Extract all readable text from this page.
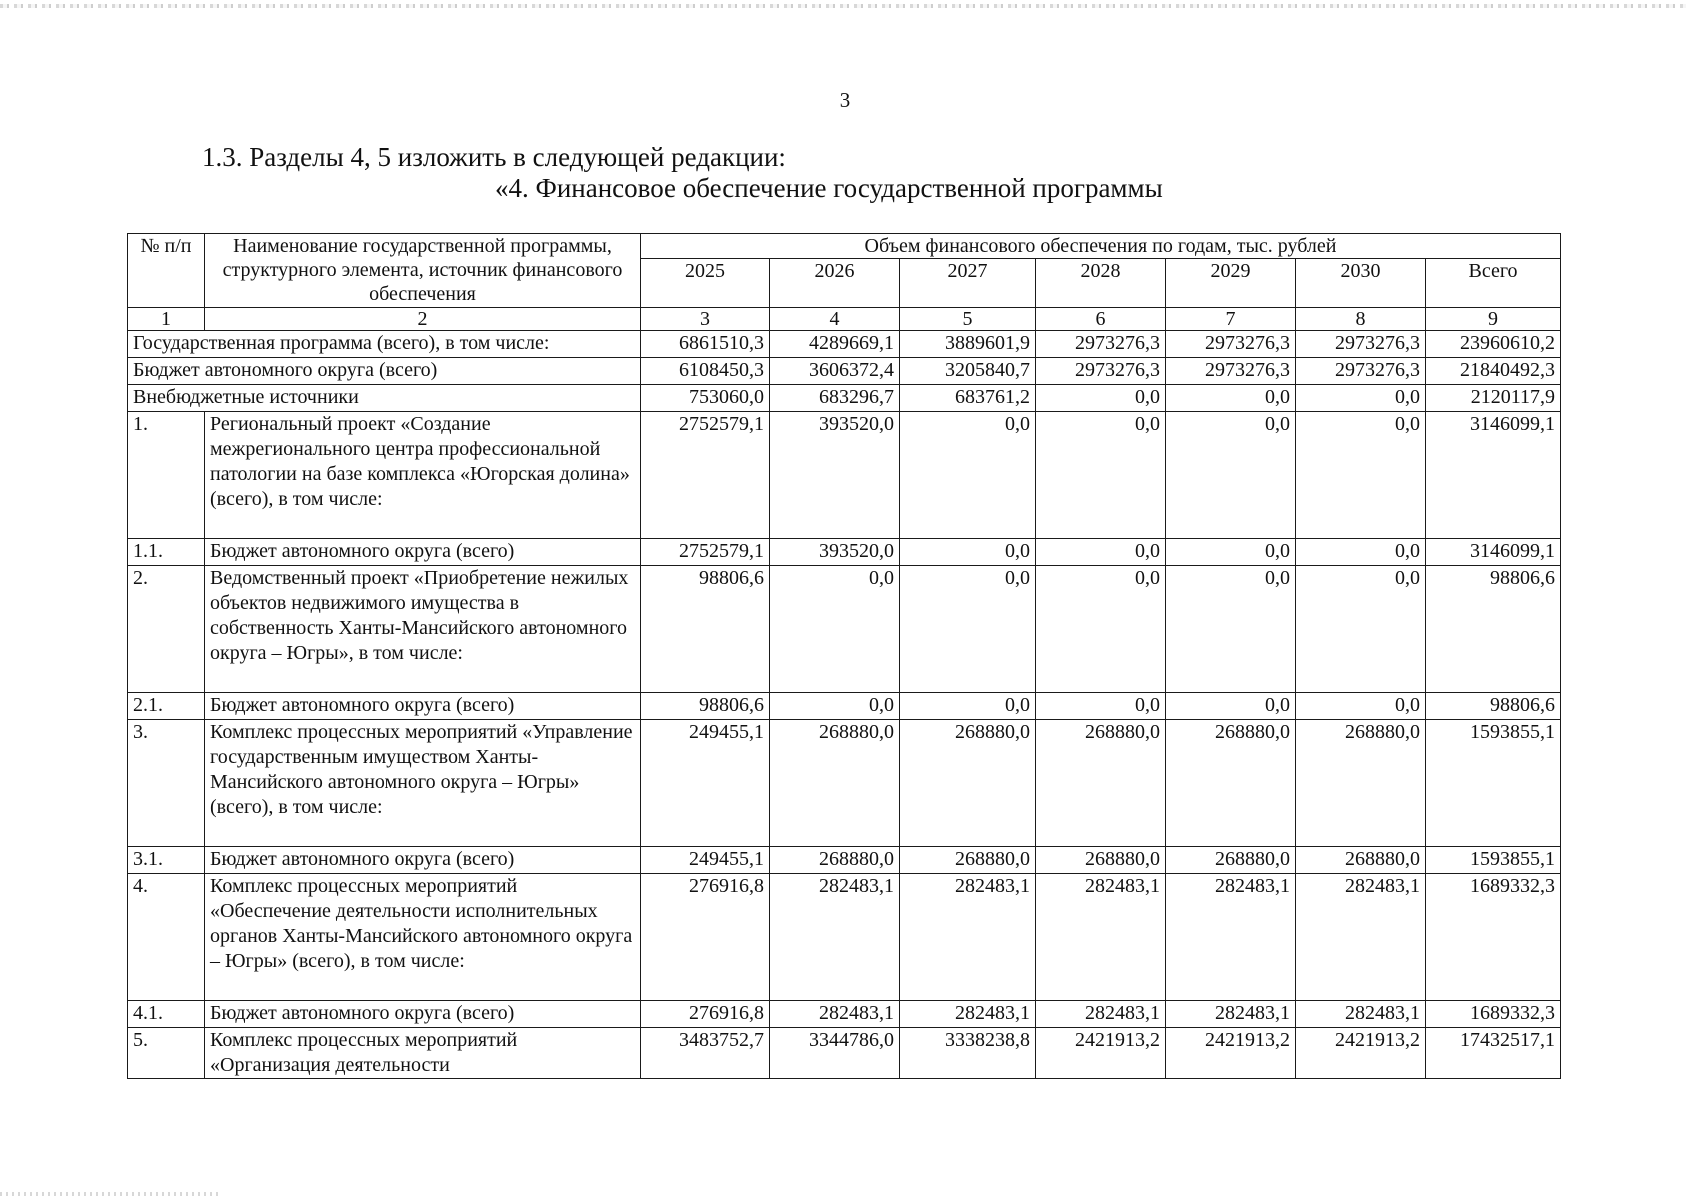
3
1.3. Разделы 4, 5 изложить в следующей редакции:
«4. Финансовое обеспечение государственной программы
№ п/п	Наименование государственной программы, структурного элемента, источник финансового обеспечения	Объем финансового обеспечения по годам, тыс. рублей						
		2025	2026	2027	2028	2029	2030	Всего
1	2	3	4	5	6	7	8	9
Государственная программа (всего), в том числе:		6861510,3	4289669,1	3889601,9	2973276,3	2973276,3	2973276,3	23960610,2
Бюджет автономного округа (всего)		6108450,3	3606372,4	3205840,7	2973276,3	2973276,3	2973276,3	21840492,3
Внебюджетные источники		753060,0	683296,7	683761,2	0,0	0,0	0,0	2120117,9
1.	Региональный проект «Создание межрегионального центра профессиональной патологии на базе комплекса «Югорская долина» (всего), в том числе:	2752579,1	393520,0	0,0	0,0	0,0	0,0	3146099,1
1.1.	Бюджет автономного округа (всего)	2752579,1	393520,0	0,0	0,0	0,0	0,0	3146099,1
2.	Ведомственный проект «Приобретение нежилых объектов недвижимого имущества в собственность Ханты-Мансийского автономного округа – Югры», в том числе:	98806,6	0,0	0,0	0,0	0,0	0,0	98806,6
2.1.	Бюджет автономного округа (всего)	98806,6	0,0	0,0	0,0	0,0	0,0	98806,6
3.	Комплекс процессных мероприятий «Управление государственным имуществом Ханты-Мансийского автономного округа – Югры» (всего), в том числе:	249455,1	268880,0	268880,0	268880,0	268880,0	268880,0	1593855,1
3.1.	Бюджет автономного округа (всего)	249455,1	268880,0	268880,0	268880,0	268880,0	268880,0	1593855,1
4.	Комплекс процессных мероприятий «Обеспечение деятельности исполнительных органов Ханты-Мансийского автономного округа – Югры» (всего), в том числе:	276916,8	282483,1	282483,1	282483,1	282483,1	282483,1	1689332,3
4.1.	Бюджет автономного округа (всего)	276916,8	282483,1	282483,1	282483,1	282483,1	282483,1	1689332,3
5.	Комплекс процессных мероприятий «Организация деятельности	3483752,7	3344786,0	3338238,8	2421913,2	2421913,2	2421913,2	17432517,1
